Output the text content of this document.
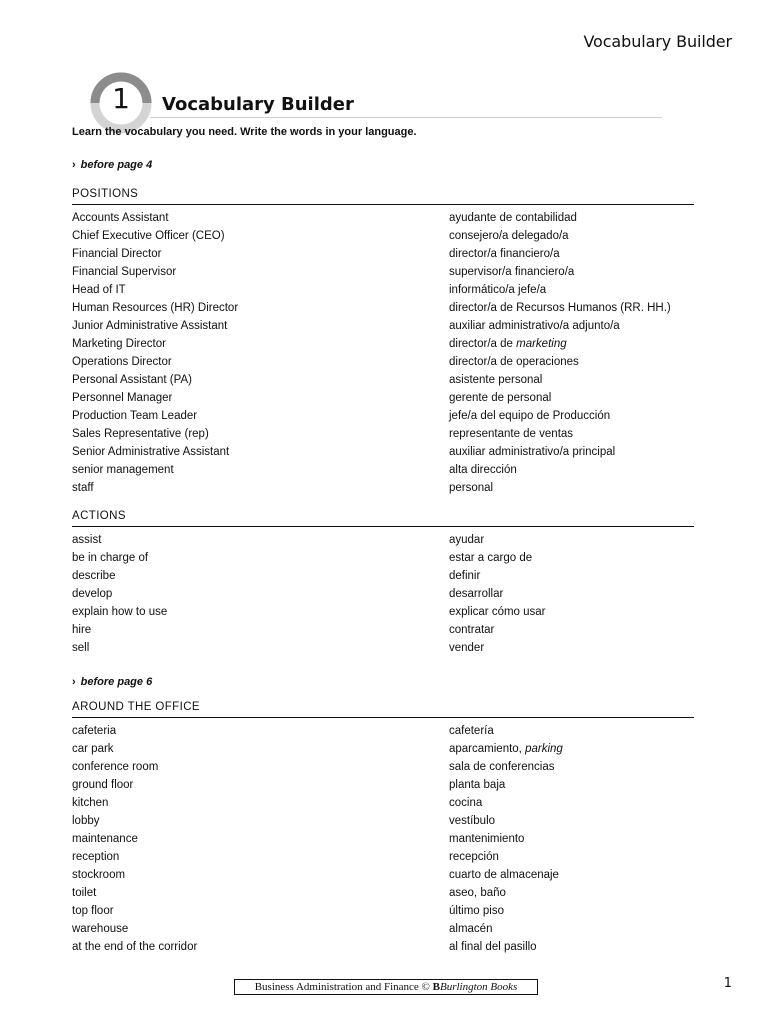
Vocabulary Builder
1	Vocabulary Builder
Learn the vocabulary you need. Write the words in your language.
› before page 4
POSITIONS
Accounts Assistant	ayudante de contabilidad
Chief Executive Officer (CEO)	consejero/a delegado/a
Financial Director	director/a financiero/a
Financial Supervisor	supervisor/a financiero/a
Head of IT	informático/a jefe/a
Human Resources (HR) Director	director/a de Recursos Humanos (RR. HH.)
Junior Administrative Assistant	auxiliar administrativo/a adjunto/a
Marketing Director	director/a de marketing
Operations Director	director/a de operaciones
Personal Assistant (PA)	asistente personal
Personnel Manager	gerente de personal
Production Team Leader	jefe/a del equipo de Producción
Sales Representative (rep)	representante de ventas
Senior Administrative Assistant	auxiliar administrativo/a principal
senior management	alta dirección
staff	personal
ACTIONS
assist	ayudar
be in charge of	estar a cargo de
describe	definir
develop	desarrollar
explain how to use	explicar cómo usar
hire	contratar
sell	vender
› before page 6
AROUND THE OFFICE
cafeteria	cafetería
car park	aparcamiento, parking
conference room	sala de conferencias
ground floor	planta baja
kitchen	cocina
lobby	vestíbulo
maintenance	mantenimiento
reception	recepción
stockroom	cuarto de almacenaje
toilet	aseo, baño
top floor	último piso
warehouse	almacén
at the end of the corridor	al final del pasillo
Business Administration and Finance © BBurlington Books	1
